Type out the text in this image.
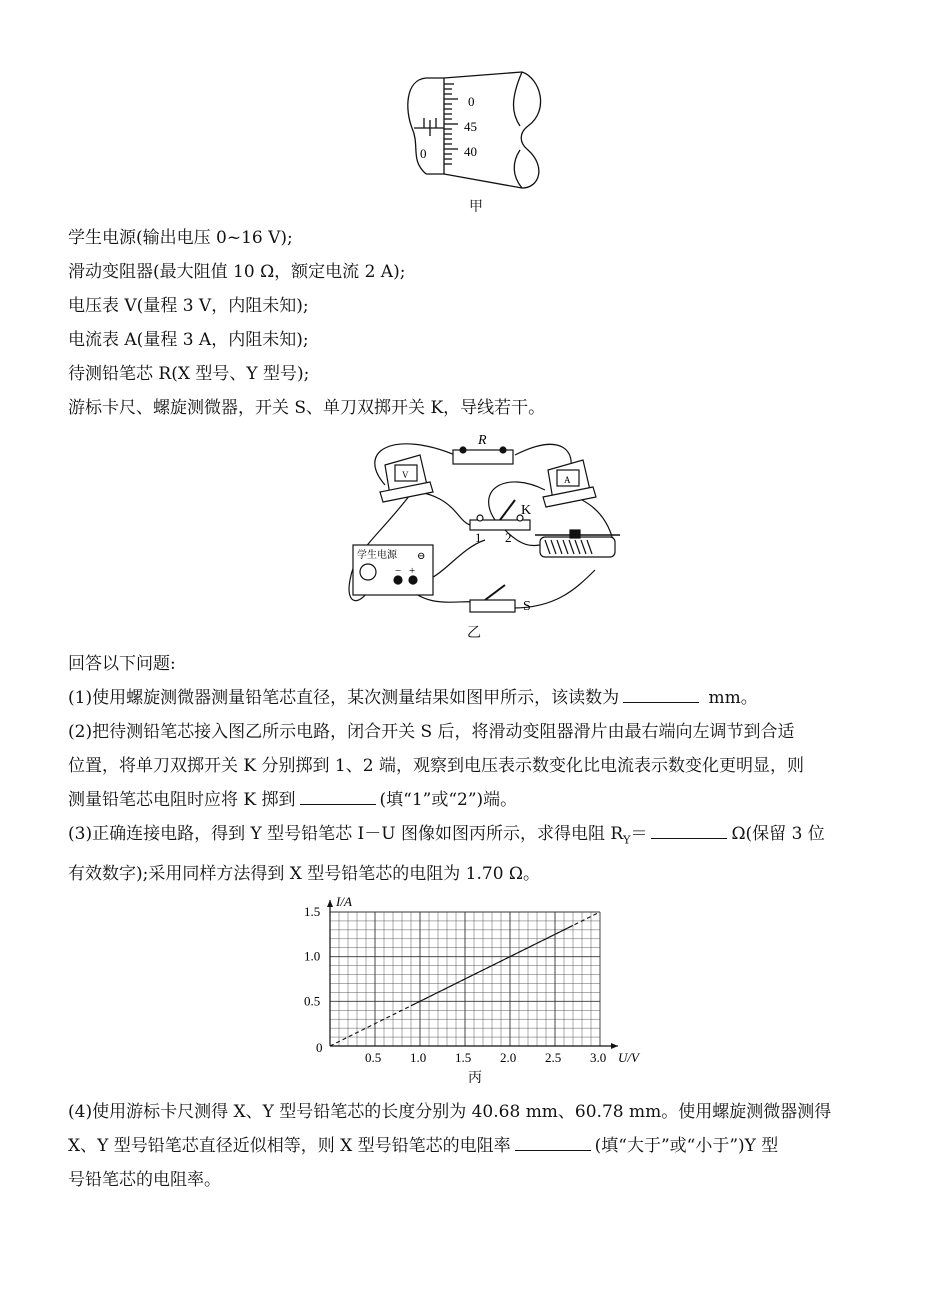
0
45
40
0
甲
学生电源(输出电压 0~16 V);
滑动变阻器(最大阻值 10 Ω，额定电流 2 A);
电压表 V(量程 3 V，内阻未知);
电流表 A(量程 3 A，内阻未知);
待测铅笔芯 R(X 型号、Y 型号);
游标卡尺、螺旋测微器，开关 S、单刀双掷开关 K，导线若干。
R
V	A
K
1 2
学生电源 ⊖
− +
S
乙
回答以下问题:
(1)使用螺旋测微器测量铅笔芯直径，某次测量结果如图甲所示，该读数为	mm。
(2)把待测铅笔芯接入图乙所示电路，闭合开关 S 后，将滑动变阻器滑片由最右端向左调节到合适
位置，将单刀双掷开关 K 分别掷到 1、2 端，观察到电压表示数变化比电流表示数变化更明显，则
测量铅笔芯电阻时应将 K 掷到	(填“1”或“2”)端。
(3)正确连接电路，得到 Y 型号铅笔芯 I－U 图像如图丙所示，求得电阻 $R_Y=$	Ω(保留 3 位
有效数字);采用同样方法得到 X 型号铅笔芯的电阻为 1.70 Ω。
0.5 1.0 1.5 2.0 2.5 3.0
0.5
1.0
1.5
I/A
U/V
0
丙
(4)使用游标卡尺测得 X、Y 型号铅笔芯的长度分别为 40.68 mm、60.78 mm。使用螺旋测微器测得
X、Y 型号铅笔芯直径近似相等，则 X 型号铅笔芯的电阻率	(填“大于”或“小于”)Y 型
号铅笔芯的电阻率。
